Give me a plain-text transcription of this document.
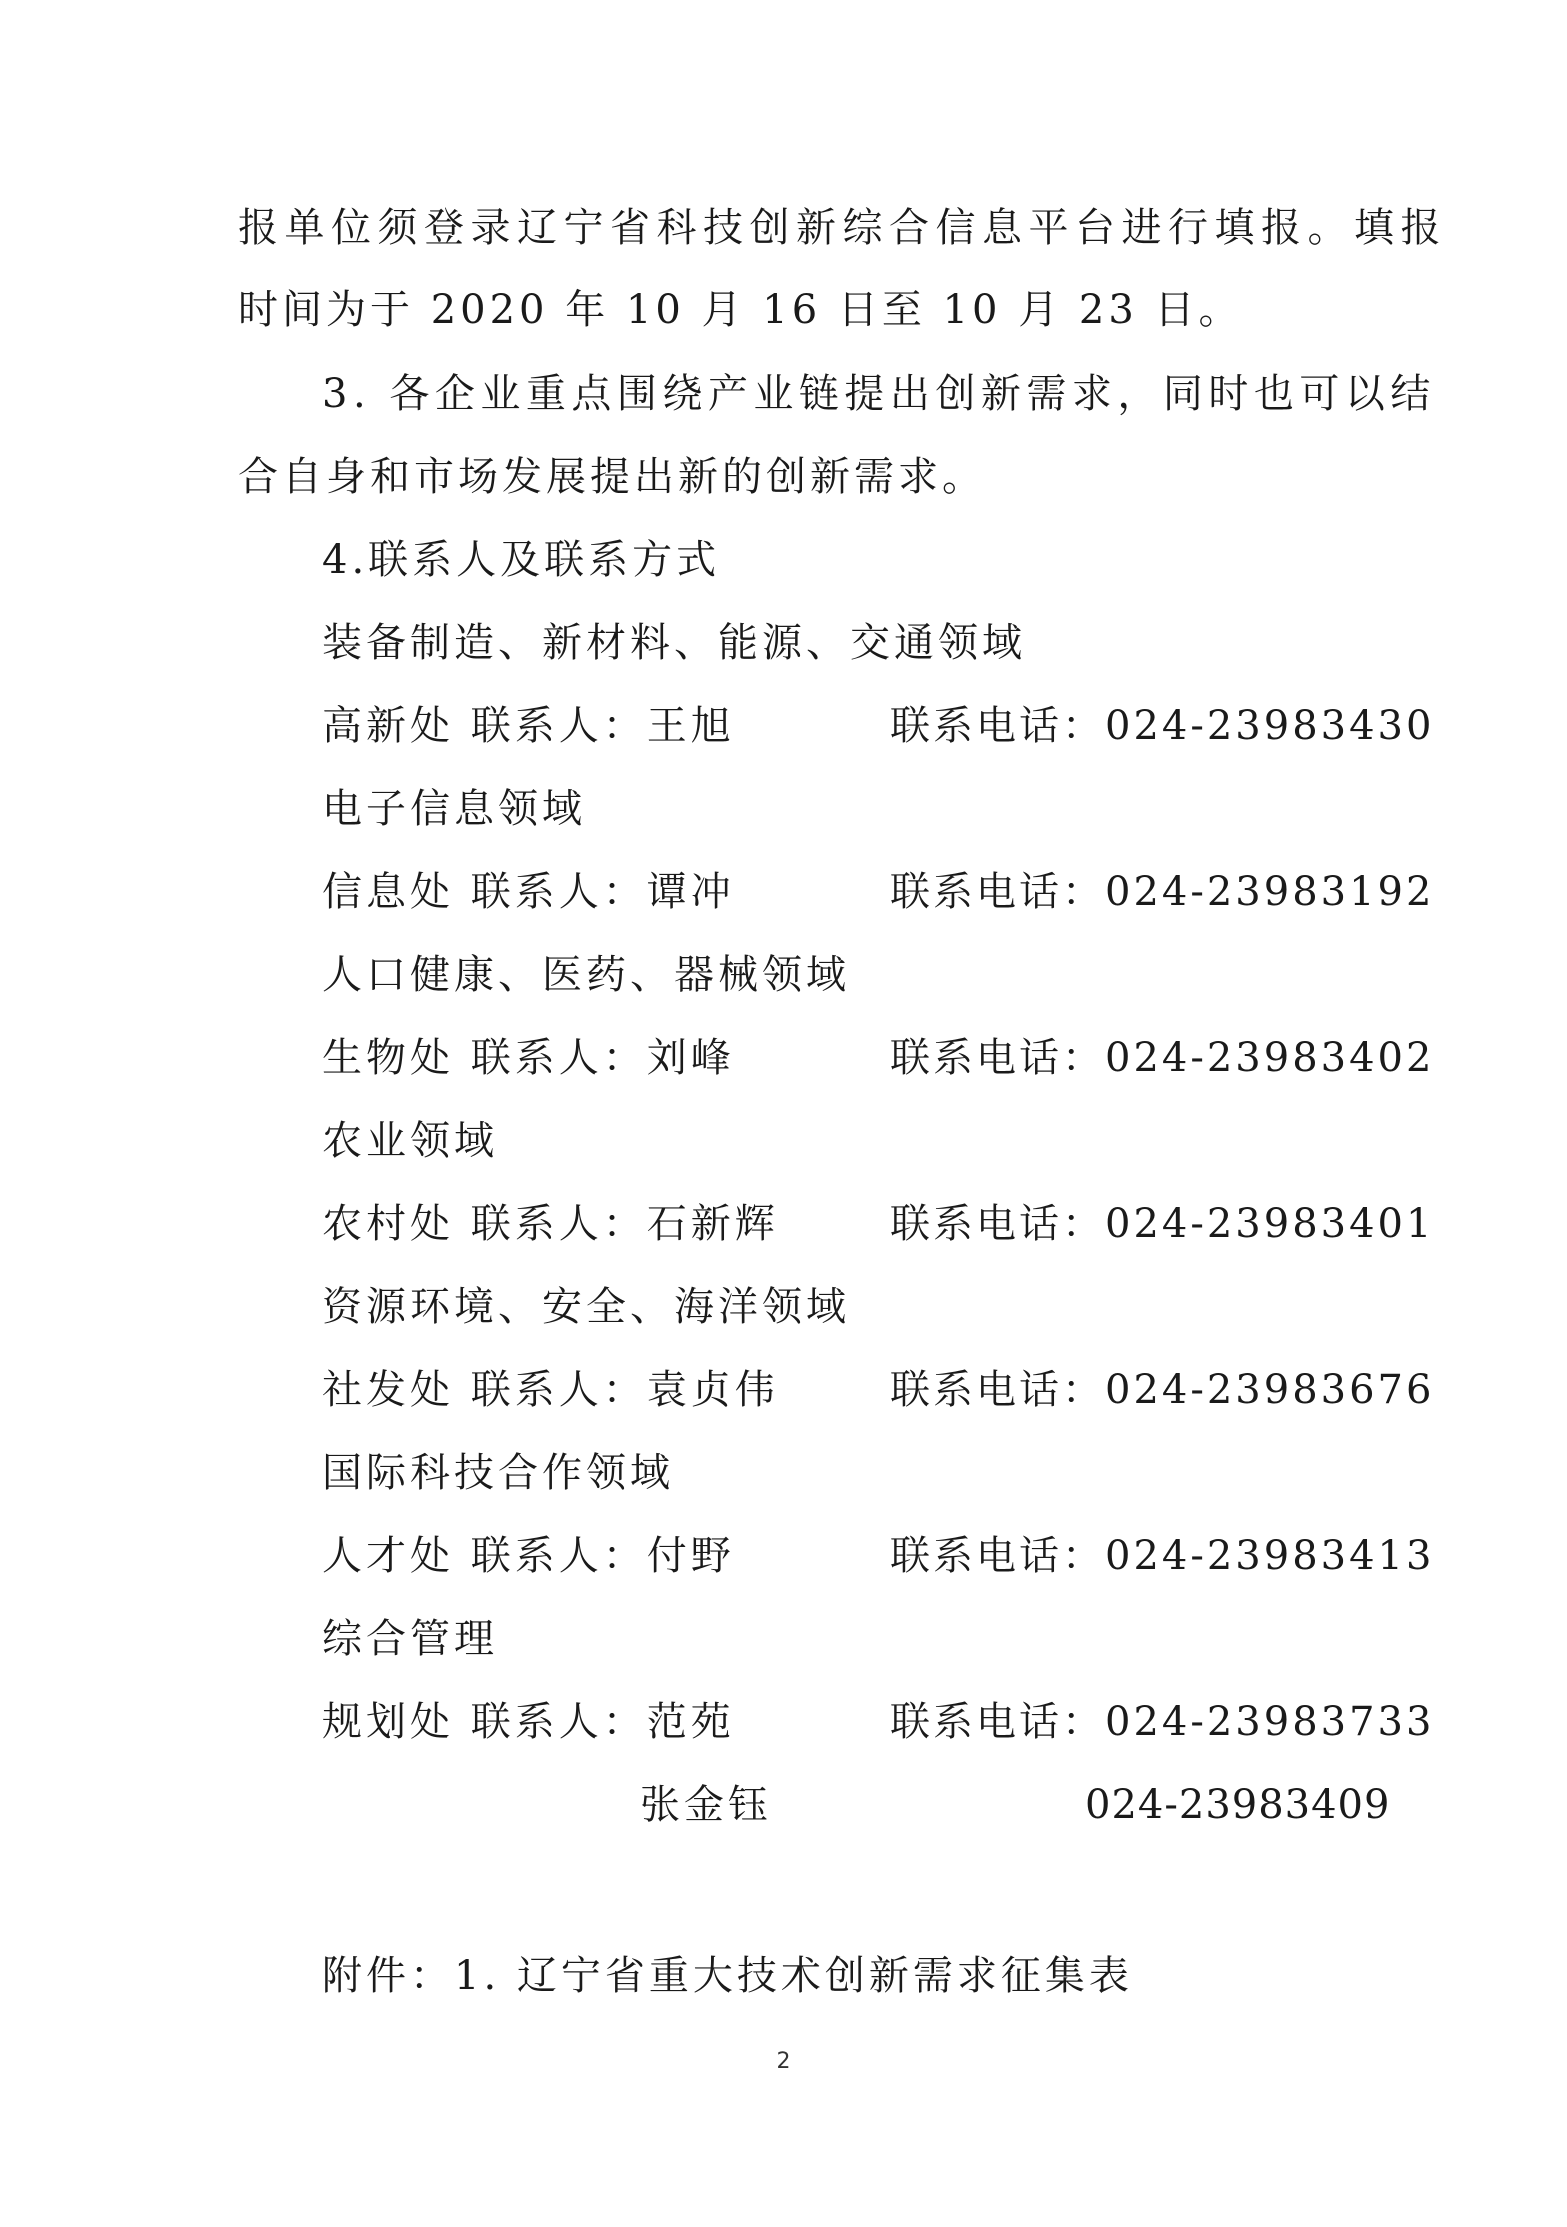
报单位须登录辽宁省科技创新综合信息平台进行填报。填报
时间为于 2020 年 10 月 16 日至 10 月 23 日。
3. 各企业重点围绕产业链提出创新需求，同时也可以结
合自身和市场发展提出新的创新需求。
4.联系人及联系方式
装备制造、新材料、能源、交通领域
高新处 联系人：王旭	联系电话：024-23983430
电子信息领域
信息处 联系人：谭冲	联系电话：024-23983192
人口健康、医药、器械领域
生物处 联系人：刘峰	联系电话：024-23983402
农业领域
农村处 联系人：石新辉	联系电话：024-23983401
资源环境、安全、海洋领域
社发处 联系人：袁贞伟	联系电话：024-23983676
国际科技合作领域
人才处 联系人：付野	联系电话：024-23983413
综合管理
规划处 联系人：范苑	联系电话：024-23983733
张金钰	024-23983409
附件：1. 辽宁省重大技术创新需求征集表
2
